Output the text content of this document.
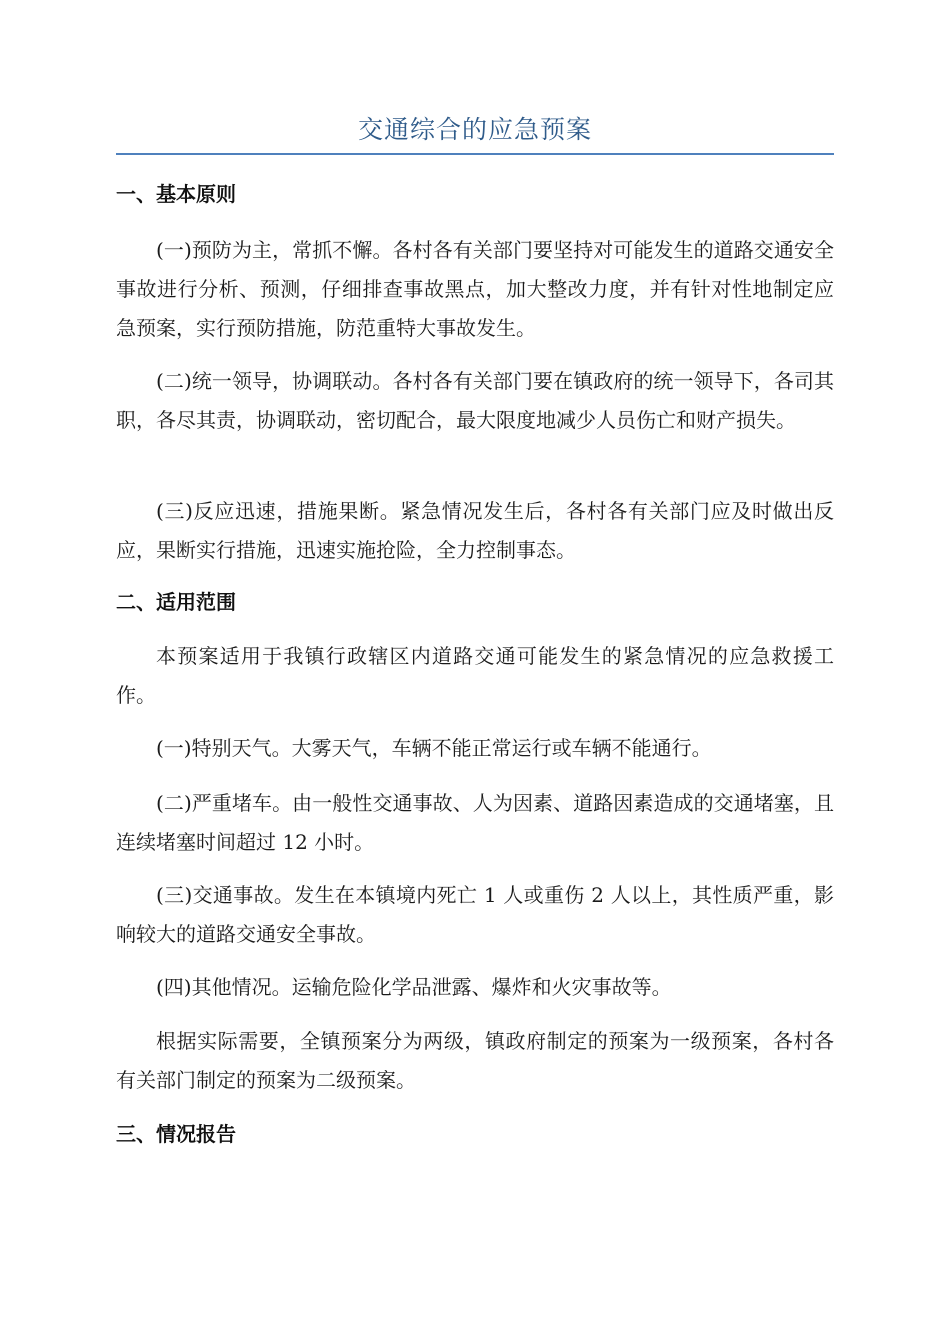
交通综合的应急预案
一、基本原则

(一)预防为主，常抓不懈。各村各有关部门要坚持对可能发生的道路交通安全事故进行分析、预测，仔细排查事故黑点，加大整改力度，并有针对性地制定应急预案，实行预防措施，防范重特大事故发生。

(二)统一领导，协调联动。各村各有关部门要在镇政府的统一领导下，各司其职，各尽其责，协调联动，密切配合，最大限度地减少人员伤亡和财产损失。

(三)反应迅速，措施果断。紧急情况发生后，各村各有关部门应及时做出反应，果断实行措施，迅速实施抢险，全力控制事态。

二、适用范围

本预案适用于我镇行政辖区内道路交通可能发生的紧急情况的应急救援工作。

(一)特别天气。大雾天气，车辆不能正常运行或车辆不能通行。

(二)严重堵车。由一般性交通事故、人为因素、道路因素造成的交通堵塞，且连续堵塞时间超过 12 小时。

(三)交通事故。发生在本镇境内死亡 1 人或重伤 2 人以上，其性质严重，影响较大的道路交通安全事故。

(四)其他情况。运输危险化学品泄露、爆炸和火灾事故等。

根据实际需要，全镇预案分为两级，镇政府制定的预案为一级预案，各村各有关部门制定的预案为二级预案。

三、情况报告
